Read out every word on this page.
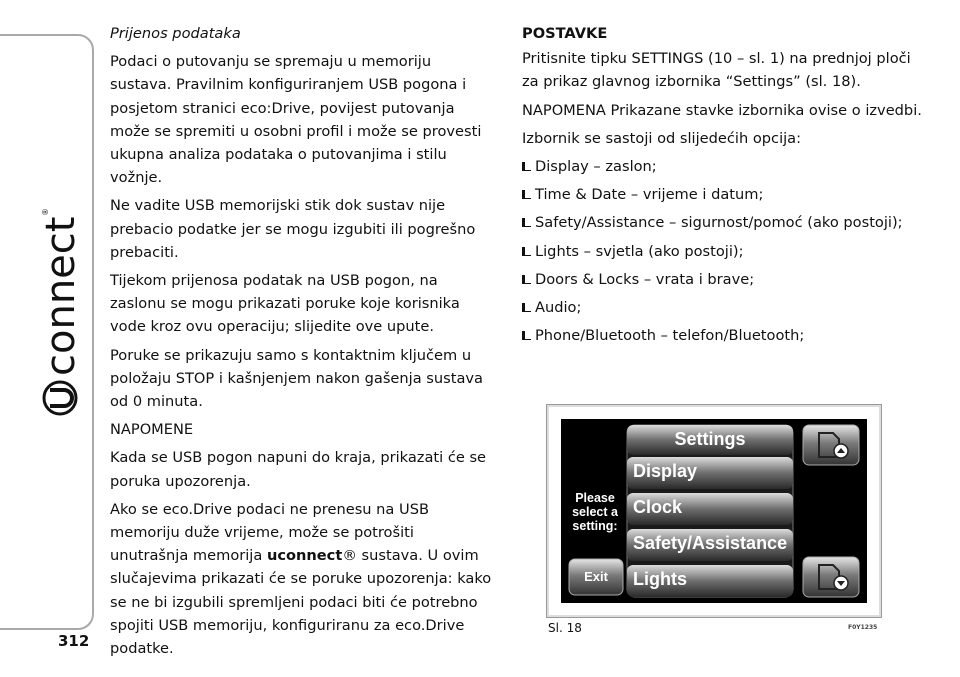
connect
®
312

Prijenos podataka

Podaci o putovanju se spremaju u memoriju sustava. Pravilnim konfiguriranjem USB pogona i posjetom stranici eco:Drive, povijest putovanja može se spremiti u osobni profil i može se provesti ukupna analiza podataka o putovanjima i stilu vožnje.

Ne vadite USB memorijski stik dok sustav nije prebacio podatke jer se mogu izgubiti ili pogrešno prebaciti.

Tijekom prijenosa podatak na USB pogon, na zaslonu se mogu prikazati poruke koje korisnika vode kroz ovu operaciju; slijedite ove upute.

Poruke se prikazuju samo s kontaktnim ključem u položaju STOP i kašnjenjem nakon gašenja sustava od 0 minuta.

NAPOMENE

Kada se USB pogon napuni do kraja, prikazati će se poruka upozorenja.

Ako se eco.Drive podaci ne prenesu na USB memoriju duže vrijeme, može se potrošiti unutrašnja memorija uconnect® sustava. U ovim slučajevima prikazati će se poruke upozorenja: kako se ne bi izgubili spremljeni podaci biti će potrebno spojiti USB memoriju, konfiguriranu za eco.Drive podatke.

POSTAVKE

Pritisnite tipku SETTINGS (10 – sl. 1) na prednjoj ploči za prikaz glavnog izbornika “Settings” (sl. 18).

NAPOMENA Prikazane stavke izbornika ovise o izvedbi.

Izbornik se sastoji od slijedećih opcija:

Display – zaslon;
Time & Date – vrijeme i datum;
Safety/Assistance – sigurnost/pomoć (ako postoji);
Lights – svjetla (ako postoji);
Doors & Locks – vrata i brave;
Audio;
Phone/Bluetooth – telefon/Bluetooth;
Settings
Display
Clock
Safety/Assistance
Lights
Please
select a
setting:
Exit
Sl. 18	F0Y1235
